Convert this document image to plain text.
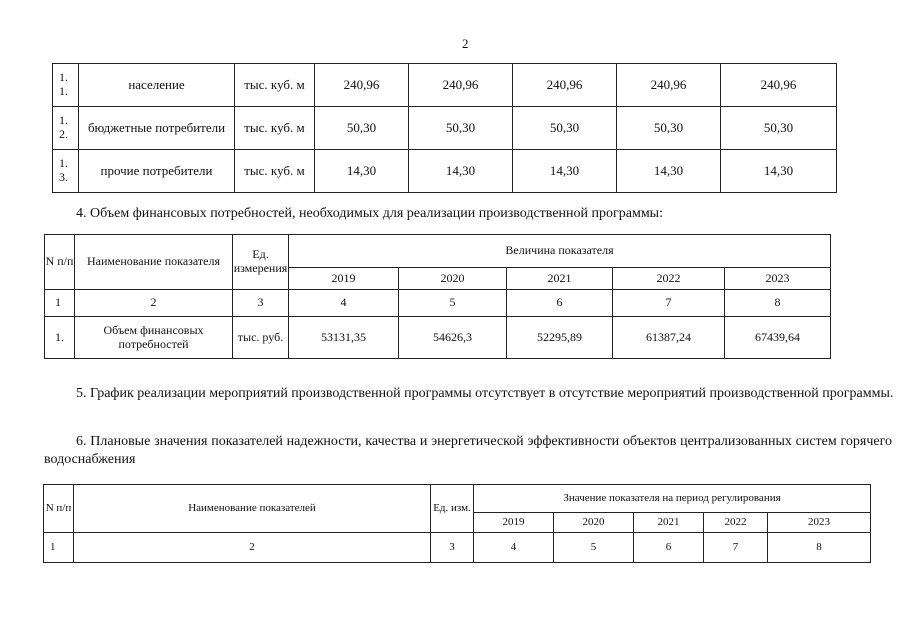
2
1.
1.	население	тыс. куб. м	240,96	240,96	240,96	240,96	240,96
1.
2.	бюджетные потребители	тыс. куб. м	50,30	50,30	50,30	50,30	50,30
1.
3.	прочие потребители	тыс. куб. м	14,30	14,30	14,30	14,30	14,30
4. Объем финансовых потребностей, необходимых для реализации производственной программы:
N п/п	Наименование показателя	Ед. измерения	Величина показателя				
			2019	2020	2021	2022	2023
1	2	3	4	5	6	7	8
1.	Объем финансовых потребностей	тыс. руб.	53131,35	54626,3	52295,89	61387,24	67439,64
5. График реализации мероприятий производственной программы отсутствует в отсутствие мероприятий производственной программы.
6. Плановые значения показателей надежности, качества и энергетической эффективности объектов централизованных систем горячего водоснабжения
N п/п	Наименование показателей	Ед. изм.	Значение показателя на период регулирования				
			2019	2020	2021	2022	2023
1	2	3	4	5	6	7	8
